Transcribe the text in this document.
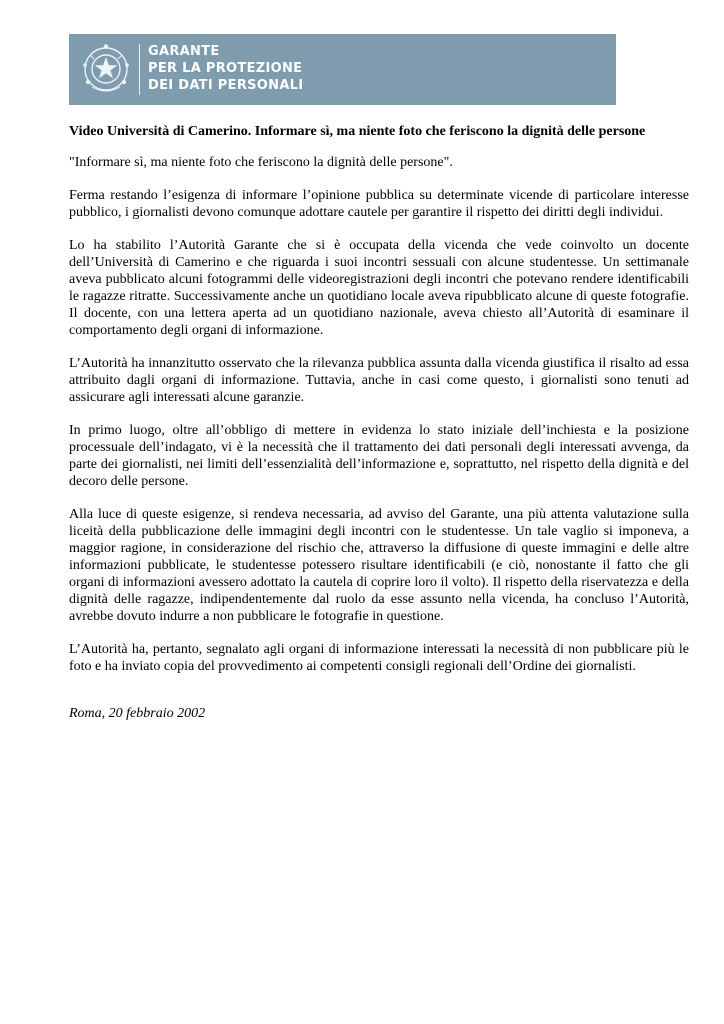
GARANTE
PER LA PROTEZIONE
DEI DATI PERSONALI

Video Università di Camerino. Informare sì, ma niente foto che feriscono la dignità delle persone

"Informare sì, ma niente foto che feriscono la dignità delle persone".

Ferma restando l’esigenza di informare l’opinione pubblica su determinate vicende di particolare interesse pubblico, i giornalisti devono comunque adottare cautele per garantire il rispetto dei diritti degli individui.

Lo ha stabilito l’Autorità Garante che si è occupata della vicenda che vede coinvolto un docente dell’Università di Camerino e che riguarda i suoi incontri sessuali con alcune studentesse. Un settimanale aveva pubblicato alcuni fotogrammi delle videoregistrazioni degli incontri che potevano rendere identificabili le ragazze ritratte. Successivamente anche un quotidiano locale aveva ripubblicato alcune di queste fotografie. Il docente, con una lettera aperta ad un quotidiano nazionale, aveva chiesto all’Autorità di esaminare il comportamento degli organi di informazione.

L’Autorità ha innanzitutto osservato che la rilevanza pubblica assunta dalla vicenda giustifica il risalto ad essa attribuito dagli organi di informazione. Tuttavia, anche in casi come questo, i giornalisti sono tenuti ad assicurare agli interessati alcune garanzie.

In primo luogo, oltre all’obbligo di mettere in evidenza lo stato iniziale dell’inchiesta e la posizione processuale dell’indagato, vi è la necessità che il trattamento dei dati personali degli interessati avvenga, da parte dei giornalisti, nei limiti dell’essenzialità dell’informazione e, soprattutto, nel rispetto della dignità e del decoro delle persone.

Alla luce di queste esigenze, si rendeva necessaria, ad avviso del Garante, una più attenta valutazione sulla liceità della pubblicazione delle immagini degli incontri con le studentesse. Un tale vaglio si imponeva, a maggior ragione, in considerazione del rischio che, attraverso la diffusione di queste immagini e delle altre informazioni pubblicate, le studentesse potessero risultare identificabili (e ciò, nonostante il fatto che gli organi di informazioni avessero adottato la cautela di coprire loro il volto). Il rispetto della riservatezza e della dignità delle ragazze, indipendentemente dal ruolo da esse assunto nella vicenda, ha concluso l’Autorità, avrebbe dovuto indurre a non pubblicare le fotografie in questione.

L’Autorità ha, pertanto, segnalato agli organi di informazione interessati la necessità di non pubblicare più le foto e ha inviato copia del provvedimento ai competenti consigli regionali dell’Ordine dei giornalisti.

Roma, 20 febbraio 2002
